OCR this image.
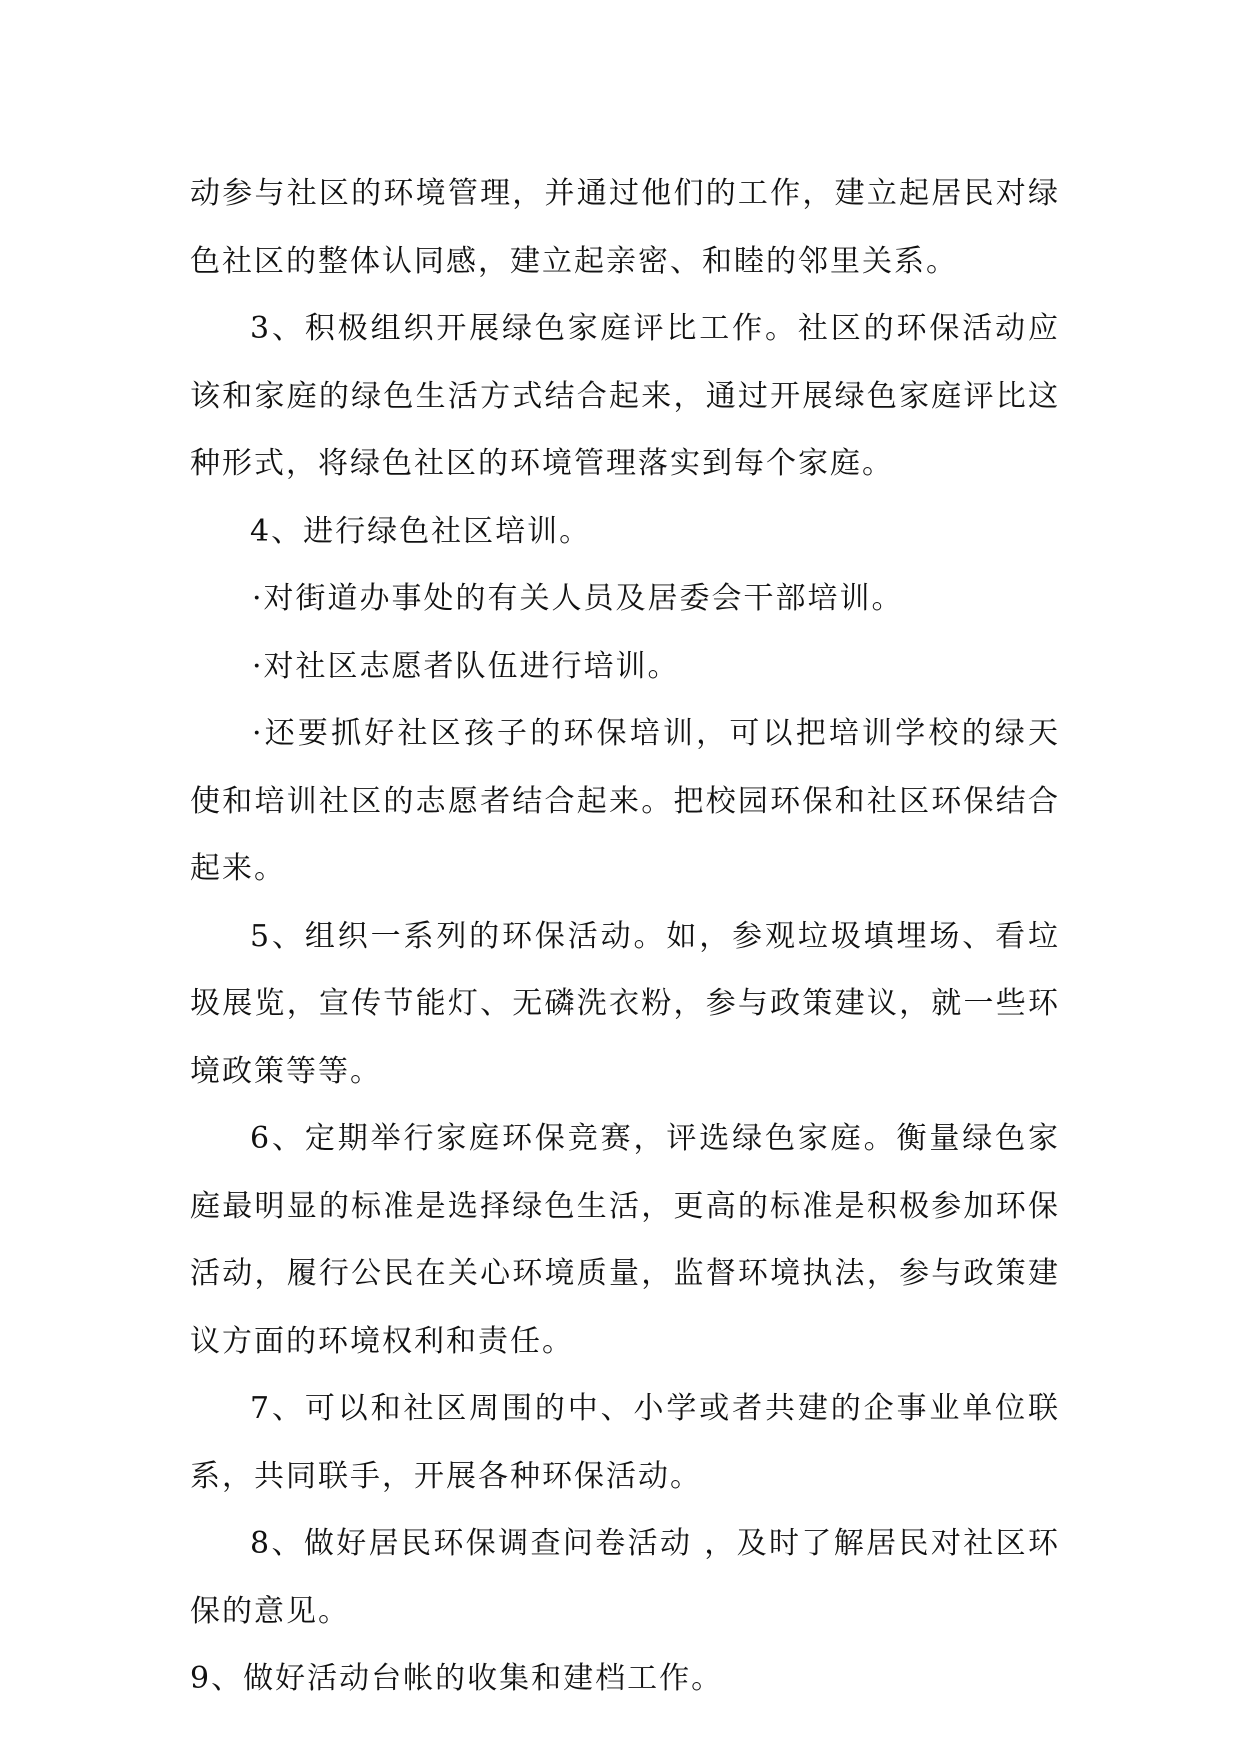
动参与社区的环境管理，并通过他们的工作，建立起居民对绿色社区的整体认同感，建立起亲密、和睦的邻里关系。

3、积极组织开展绿色家庭评比工作。社区的环保活动应该和家庭的绿色生活方式结合起来，通过开展绿色家庭评比这种形式，将绿色社区的环境管理落实到每个家庭。

4、进行绿色社区培训。

·对街道办事处的有关人员及居委会干部培训。

·对社区志愿者队伍进行培训。

·还要抓好社区孩子的环保培训，可以把培训学校的绿天使和培训社区的志愿者结合起来。把校园环保和社区环保结合起来。

5、组织一系列的环保活动。如，参观垃圾填埋场、看垃圾展览，宣传节能灯、无磷洗衣粉，参与政策建议，就一些环境政策等等。

6、定期举行家庭环保竞赛，评选绿色家庭。衡量绿色家庭最明显的标准是选择绿色生活，更高的标准是积极参加环保活动，履行公民在关心环境质量，监督环境执法，参与政策建议方面的环境权利和责任。

7、可以和社区周围的中、小学或者共建的企事业单位联系，共同联手，开展各种环保活动。

8、做好居民环保调查问卷活动 ，及时了解居民对社区环保的意见。

9、做好活动台帐的收集和建档工作。
